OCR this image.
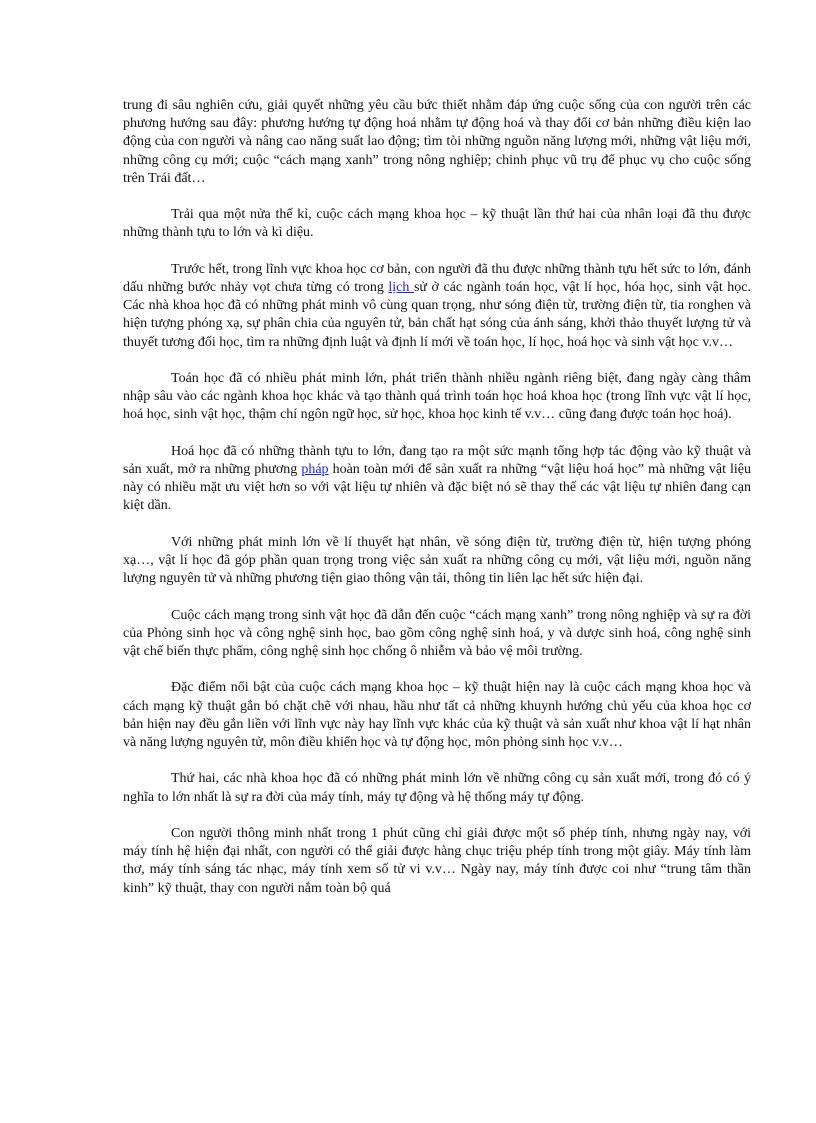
trung đi sâu nghiên cứu, giải quyết những yêu cầu bức thiết nhằm đáp ứng cuộc sống của con người trên các phương hướng sau đây: phương hướng tự động hoá nhằm tự động hoá và thay đổi cơ bản những điều kiện lao động của con người và nâng cao năng suất lao động; tìm tòi những nguồn năng lượng mới, những vật liệu mới, những công cụ mới; cuộc “cách mạng xanh” trong nông nghiệp; chinh phục vũ trụ để phục vụ cho cuộc sống trên Trái đất…

Trải qua một nửa thế kỉ, cuộc cách mạng khoa học – kỹ thuật lần thứ hai của nhân loại đã thu được những thành tựu to lớn và kì diệu.

Trước hết, trong lĩnh vực khoa học cơ bản, con người đã thu được những thành tựu hết sức to lớn, đánh dấu những bước nhảy vọt chưa từng có trong lịch sử ở các ngành toán học, vật lí học, hóa học, sinh vật học. Các nhà khoa học đã có những phát minh vô cùng quan trọng, như sóng điện từ, trường điện từ, tia ronghen và hiện tượng phóng xạ, sự phân chia của nguyên tử, bản chất hạt sóng của ánh sáng, khởi thảo thuyết lượng tử và thuyết tương đối học, tìm ra những định luật và định lí mới về toán học, lí học, hoá học và sinh vật học v.v…

Toán học đã có nhiều phát minh lớn, phát triển thành nhiều ngành riêng biệt, đang ngày càng thâm nhập sâu vào các ngành khoa học khác và tạo thành quá trình toán học hoá khoa học (trong lĩnh vực vật lí học, hoá học, sinh vật học, thậm chí ngôn ngữ học, sử học, khoa học kinh tế v.v… cũng đang được toán học hoá).

Hoá học đã có những thành tựu to lớn, đang tạo ra một sức mạnh tổng hợp tác động vào kỹ thuật và sản xuất, mở ra những phương pháp hoàn toàn mới để sản xuất ra những “vật liệu hoá học” mà những vật liệu này có nhiều mặt ưu việt hơn so với vật liệu tự nhiên và đặc biệt nó sẽ thay thế các vật liệu tự nhiên đang cạn kiệt dần.

Với những phát minh lớn về lí thuyết hạt nhân, về sóng điện từ, trường điện từ, hiện tượng phóng xạ…, vật lí học đã góp phần quan trọng trong việc sản xuất ra những công cụ mới, vật liệu mới, nguồn năng lượng nguyên tử và những phương tiện giao thông vận tải, thông tin liên lạc hết sức hiện đại.

Cuộc cách mạng trong sinh vật học đã dẫn đến cuộc “cách mạng xanh” trong nông nghiệp và sự ra đời của Phỏng sinh học và công nghệ sinh học, bao gồm công nghệ sinh hoá, y và dược sinh hoá, công nghệ sinh vật chế biến thực phẩm, công nghệ sinh học chống ô nhiễm và bảo vệ môi trường.

Đặc điểm nổi bật của cuộc cách mạng khoa học – kỹ thuật hiện nay là cuộc cách mạng khoa học và cách mạng kỹ thuật gắn bó chặt chẽ với nhau, hầu như tất cả những khuynh hướng chủ yếu của khoa học cơ bản hiện nay đều gắn liền với lĩnh vực này hay lĩnh vực khác của kỹ thuật và sản xuất như khoa vật lí hạt nhân và năng lượng nguyên tử, môn điều khiển học và tự động học, môn phỏng sinh học v.v…

Thứ hai, các nhà khoa học đã có những phát minh lớn về những công cụ sản xuất mới, trong đó có ý nghĩa to lớn nhất là sự ra đời của máy tính, máy tự động và hệ thống máy tự động.

Con người thông minh nhất trong 1 phút cũng chỉ giải được một số phép tính, nhưng ngày nay, với máy tính hệ hiện đại nhất, con người có thể giải được hàng chục triệu phép tính trong một giây. Máy tính làm thơ, máy tính sáng tác nhạc, máy tính xem số tử vi v.v… Ngày nay, máy tính được coi như “trung tâm thần kinh” kỹ thuật, thay con người nắm toàn bộ quá
